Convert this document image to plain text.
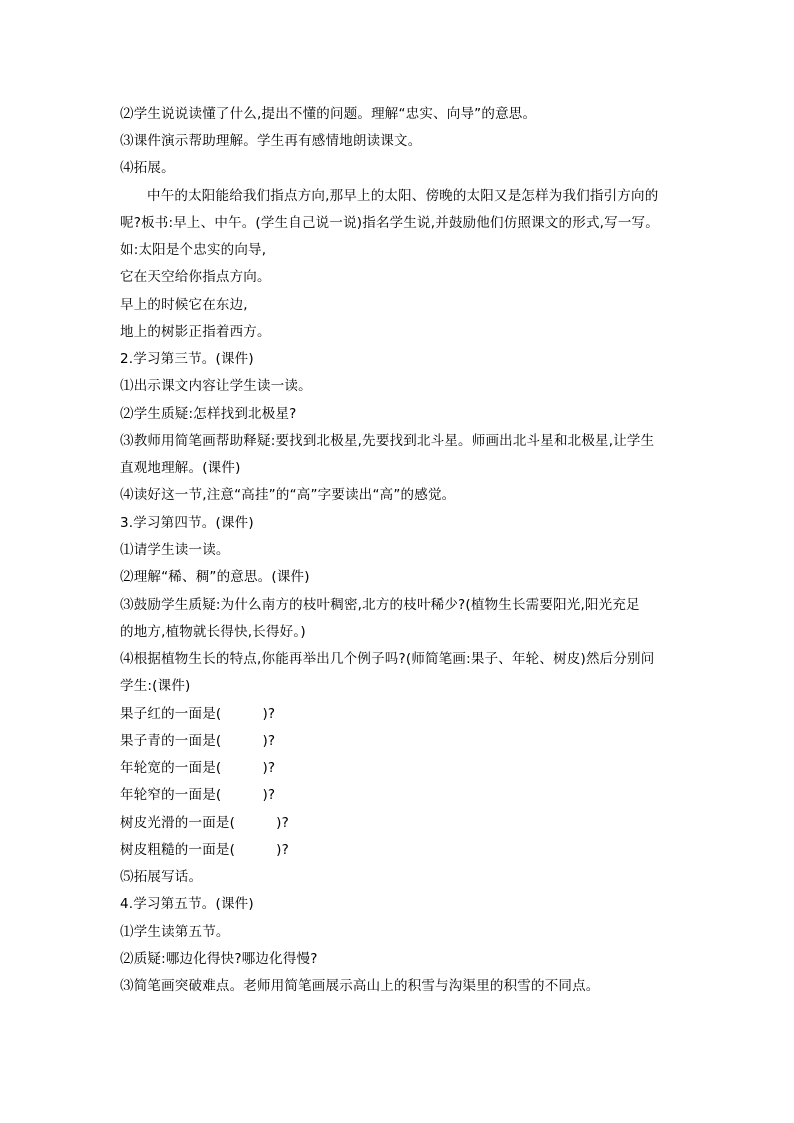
⑵学生说说读懂了什么,提出不懂的问题。理解“忠实、向导”的意思。
⑶课件演示帮助理解。学生再有感情地朗读课文。
⑷拓展。
中午的太阳能给我们指点方向,那早上的太阳、傍晚的太阳又是怎样为我们指引方向的
呢?板书:早上、中午。(学生自己说一说)指名学生说,并鼓励他们仿照课文的形式,写一写。
如:太阳是个忠实的向导,
它在天空给你指点方向。
早上的时候它在东边,
地上的树影正指着西方。
2.学习第三节。(课件)
⑴出示课文内容让学生读一读。
⑵学生质疑:怎样找到北极星?
⑶教师用简笔画帮助释疑:要找到北极星,先要找到北斗星。师画出北斗星和北极星,让学生
直观地理解。(课件)
⑷读好这一节,注意“高挂”的“高”字要读出“高”的感觉。
3.学习第四节。(课件)
⑴请学生读一读。
⑵理解“稀、稠”的意思。(课件)
⑶鼓励学生质疑:为什么南方的枝叶稠密,北方的枝叶稀少?(植物生长需要阳光,阳光充足
的地方,植物就长得快,长得好。)
⑷根据植物生长的特点,你能再举出几个例子吗?(师简笔画:果子、年轮、树皮)然后分别问
学生:(课件)
果子红的一面是(　　　)?
果子青的一面是(　　　)?
年轮宽的一面是(　　　)?
年轮窄的一面是(　　　)?
树皮光滑的一面是(　　　)?
树皮粗糙的一面是(　　　)?
⑸拓展写话。
4.学习第五节。(课件)
⑴学生读第五节。
⑵质疑:哪边化得快?哪边化得慢?
⑶简笔画突破难点。老师用简笔画展示高山上的积雪与沟渠里的积雪的不同点。
